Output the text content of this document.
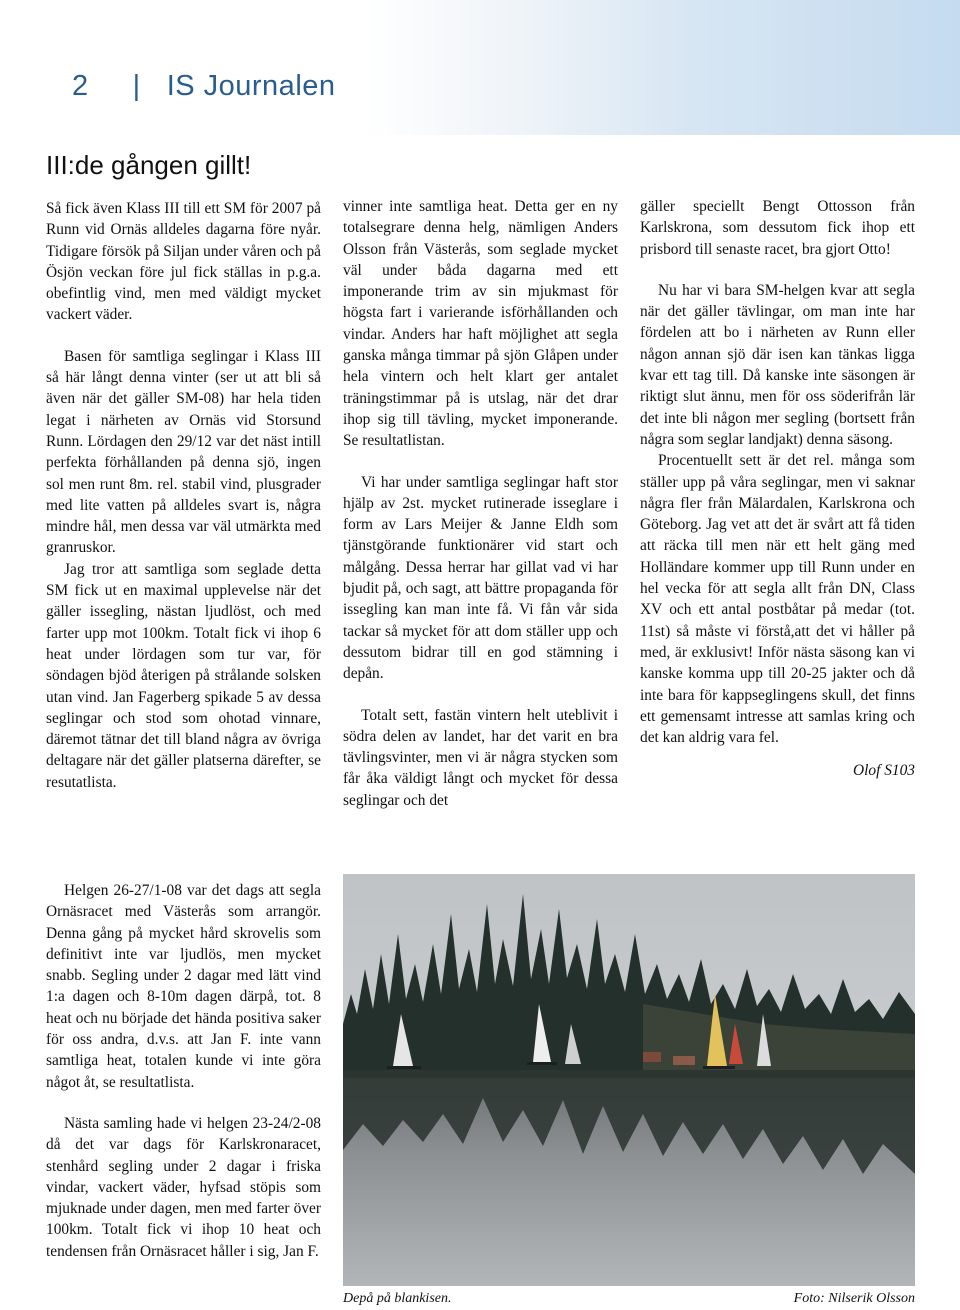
2 | IS Journalen
III:de gången gillt!

Så fick även Klass III till ett SM för 2007 på Runn vid Ornäs alldeles dagarna före nyår. Tidigare försök på Siljan under våren och på Ösjön veckan före jul fick ställas in p.g.a. obefintlig vind, men med väldigt mycket vackert väder.

Basen för samtliga seglingar i Klass III så här långt denna vinter (ser ut att bli så även när det gäller SM-08) har hela tiden legat i närheten av Ornäs vid Storsund Runn. Lördagen den 29/12 var det näst intill perfekta förhållanden på denna sjö, ingen sol men runt 8m. rel. stabil vind, plusgrader med lite vatten på alldeles svart is, några mindre hål, men dessa var väl utmärkta med granruskor.

Jag tror att samtliga som seglade detta SM fick ut en maximal upplevelse när det gäller issegling, nästan ljudlöst, och med farter upp mot 100km. Totalt fick vi ihop 6 heat under lördagen som tur var, för söndagen bjöd återigen på strålande solsken utan vind. Jan Fagerberg spikade 5 av dessa seglingar och stod som ohotad vinnare, däremot tätnar det till bland några av övriga deltagare när det gäller platserna därefter, se resutatlista.

Helgen 26-27/1-08 var det dags att segla Ornäsracet med Västerås som arrangör. Denna gång på mycket hård skrovelis som definitivt inte var ljudlös, men mycket snabb. Segling under 2 dagar med lätt vind 1:a dagen och 8-10m dagen därpå, tot. 8 heat och nu började det hända positiva saker för oss andra, d.v.s. att Jan F. inte vann samtliga heat, totalen kunde vi inte göra något åt, se resultatlista.

Nästa samling hade vi helgen 23-24/2-08 då det var dags för Karlskronaracet, stenhård segling under 2 dagar i friska vindar, vackert väder, hyfsad stöpis som mjuknade under dagen, men med farter över 100km. Totalt fick vi ihop 10 heat och tendensen från Ornäsracet håller i sig, Jan F.

vinner inte samtliga heat. Detta ger en ny totalsegrare denna helg, nämligen Anders Olsson från Västerås, som seglade mycket väl under båda dagarna med ett imponerande trim av sin mjukmast för högsta fart i varierande isförhållanden och vindar. Anders har haft möjlighet att segla ganska många timmar på sjön Glåpen under hela vintern och helt klart ger antalet träningstimmar på is utslag, när det drar ihop sig till tävling, mycket imponerande. Se resultatlistan.

Vi har under samtliga seglingar haft stor hjälp av 2st. mycket rutinerade isseglare i form av Lars Meijer & Janne Eldh som tjänstgörande funktionärer vid start och målgång. Dessa herrar har gillat vad vi har bjudit på, och sagt, att bättre propaganda för issegling kan man inte få. Vi fån vår sida tackar så mycket för att dom ställer upp och dessutom bidrar till en god stämning i depån.

Totalt sett, fastän vintern helt uteblivit i södra delen av landet, har det varit en bra tävlingsvinter, men vi är några stycken som får åka väldigt långt och mycket för dessa seglingar och det

gäller speciellt Bengt Ottosson från Karlskrona, som dessutom fick ihop ett prisbord till senaste racet, bra gjort Otto!

Nu har vi bara SM-helgen kvar att segla när det gäller tävlingar, om man inte har fördelen att bo i närheten av Runn eller någon annan sjö där isen kan tänkas ligga kvar ett tag till. Då kanske inte säsongen är riktigt slut ännu, men för oss söderifrån lär det inte bli någon mer segling (bortsett från några som seglar landjakt) denna säsong.

Procentuellt sett är det rel. många som ställer upp på våra seglingar, men vi saknar några fler från Mälardalen, Karlskrona och Göteborg. Jag vet att det är svårt att få tiden att räcka till men när ett helt gäng med Holländare kommer upp till Runn under en hel vecka för att segla allt från DN, Class XV och ett antal postbåtar på medar (tot. 11st) så måste vi förstå,att det vi håller på med, är exklusivt! Inför nästa säsong kan vi kanske komma upp till 20-25 jakter och då inte bara för kappseglingens skull, det finns ett gemensamt intresse att samlas kring och det kan aldrig vara fel.

Olof S103
Depå på blankisen.	Foto: Nilserik Olsson
